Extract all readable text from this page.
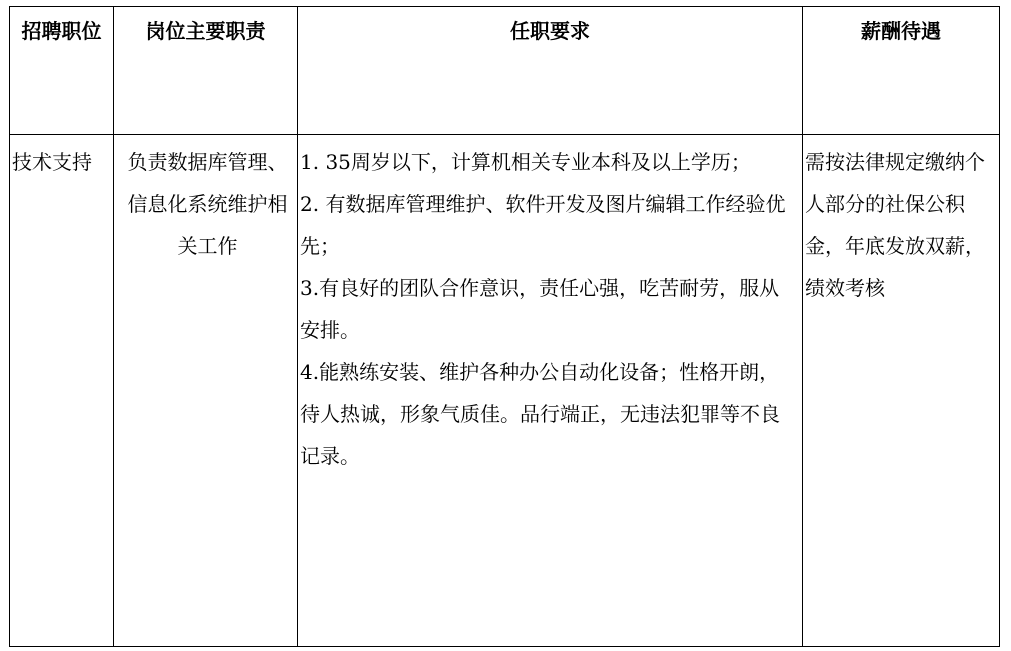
招聘职位	岗位主要职责	任职要求	薪酬待遇

技术支持	负责数据库管理、信息化系统维护相关工作	1. 35周岁以下，计算机相关专业本科及以上学历；
2. 有数据库管理维护、软件开发及图片编辑工作经验优先；
3.有良好的团队合作意识，责任心强，吃苦耐劳，服从安排。
4.能熟练安装、维护各种办公自动化设备；性格开朗，待人热诚，形象气质佳。品行端正，无违法犯罪等不良记录。	需按法律规定缴纳个人部分的社保公积金，年底发放双薪，绩效考核
